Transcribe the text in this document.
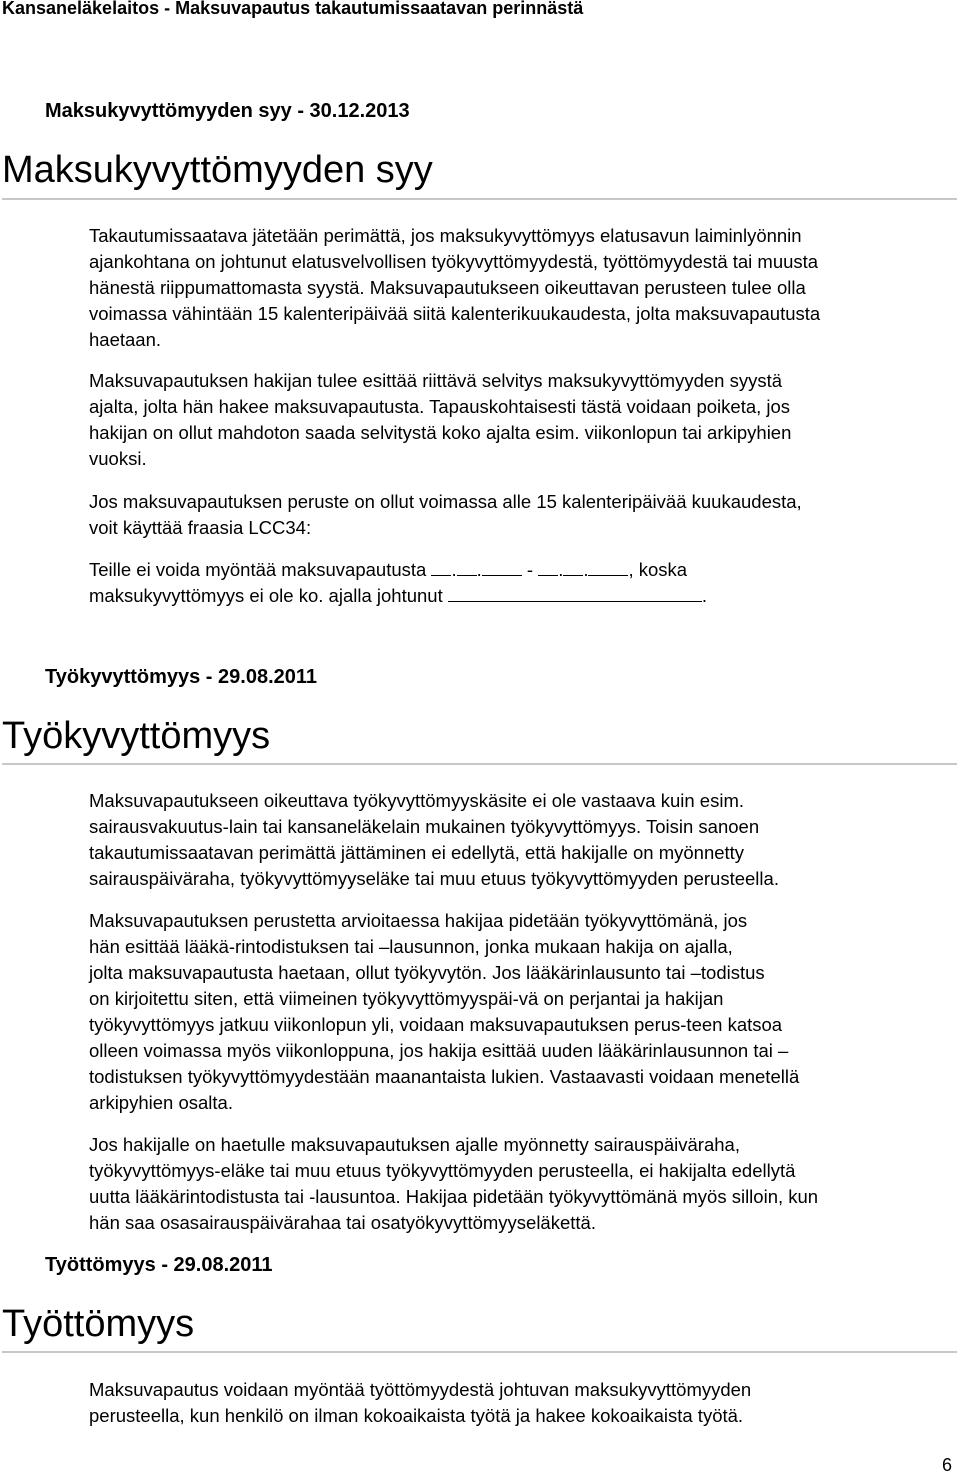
Kansaneläkelaitos - Maksuvapautus takautumissaatavan perinnästä
Maksukyvyttömyyden syy - 30.12.2013
Maksukyvyttömyyden syy

Takautumissaatava jätetään perimättä, jos maksukyvyttömyys elatusavun laiminlyönnin
ajankohtana on johtunut elatusvelvollisen työkyvyttömyydestä, työttömyydestä tai muusta
hänestä riippumattomasta syystä. Maksuvapautukseen oikeuttavan perusteen tulee olla
voimassa vähintään 15 kalenteripäivää siitä kalenterikuukaudesta, jolta maksuvapautusta
haetaan.

Maksuvapautuksen hakijan tulee esittää riittävä selvitys maksukyvyttömyyden syystä
ajalta, jolta hän hakee maksuvapautusta. Tapauskohtaisesti tästä voidaan poiketa, jos
hakijan on ollut mahdoton saada selvitystä koko ajalta esim. viikonlopun tai arkipyhien
vuoksi.

Jos maksuvapautuksen peruste on ollut voimassa alle 15 kalenteripäivää kuukaudesta,
voit käyttää fraasia LCC34:

Teille ei voida myöntää maksuvapautusta . . - . . , koska
maksukyvyttömyys ei ole ko. ajalla johtunut	.

Työkyvyttömyys - 29.08.2011
Työkyvyttömyys

Maksuvapautukseen oikeuttava työkyvyttömyyskäsite ei ole vastaava kuin esim.
sairausvakuutus-lain tai kansaneläkelain mukainen työkyvyttömyys. Toisin sanoen
takautumissaatavan perimättä jättäminen ei edellytä, että hakijalle on myönnetty
sairauspäiväraha, työkyvyttömyyseläke tai muu etuus työkyvyttömyyden perusteella.

Maksuvapautuksen perustetta arvioitaessa hakijaa pidetään työkyvyttömänä, jos
hän esittää lääkä-rintodistuksen tai –lausunnon, jonka mukaan hakija on ajalla,
jolta maksuvapautusta haetaan, ollut työkyvytön. Jos lääkärinlausunto tai –todistus
on kirjoitettu siten, että viimeinen työkyvyttömyyspäi-vä on perjantai ja hakijan
työkyvyttömyys jatkuu viikonlopun yli, voidaan maksuvapautuksen perus-teen katsoa
olleen voimassa myös viikonloppuna, jos hakija esittää uuden lääkärinlausunnon tai –
todistuksen työkyvyttömyydestään maanantaista lukien. Vastaavasti voidaan menetellä
arkipyhien osalta.

Jos hakijalle on haetulle maksuvapautuksen ajalle myönnetty sairauspäiväraha,
työkyvyttömyys-eläke tai muu etuus työkyvyttömyyden perusteella, ei hakijalta edellytä
uutta lääkärintodistusta tai -lausuntoa. Hakijaa pidetään työkyvyttömänä myös silloin, kun
hän saa osasairauspäivärahaa tai osatyökyvyttömyyseläkettä.

Työttömyys - 29.08.2011
Työttömyys

Maksuvapautus voidaan myöntää työttömyydestä johtuvan maksukyvyttömyyden
perusteella, kun henkilö on ilman kokoaikaista työtä ja hakee kokoaikaista työtä.

6
